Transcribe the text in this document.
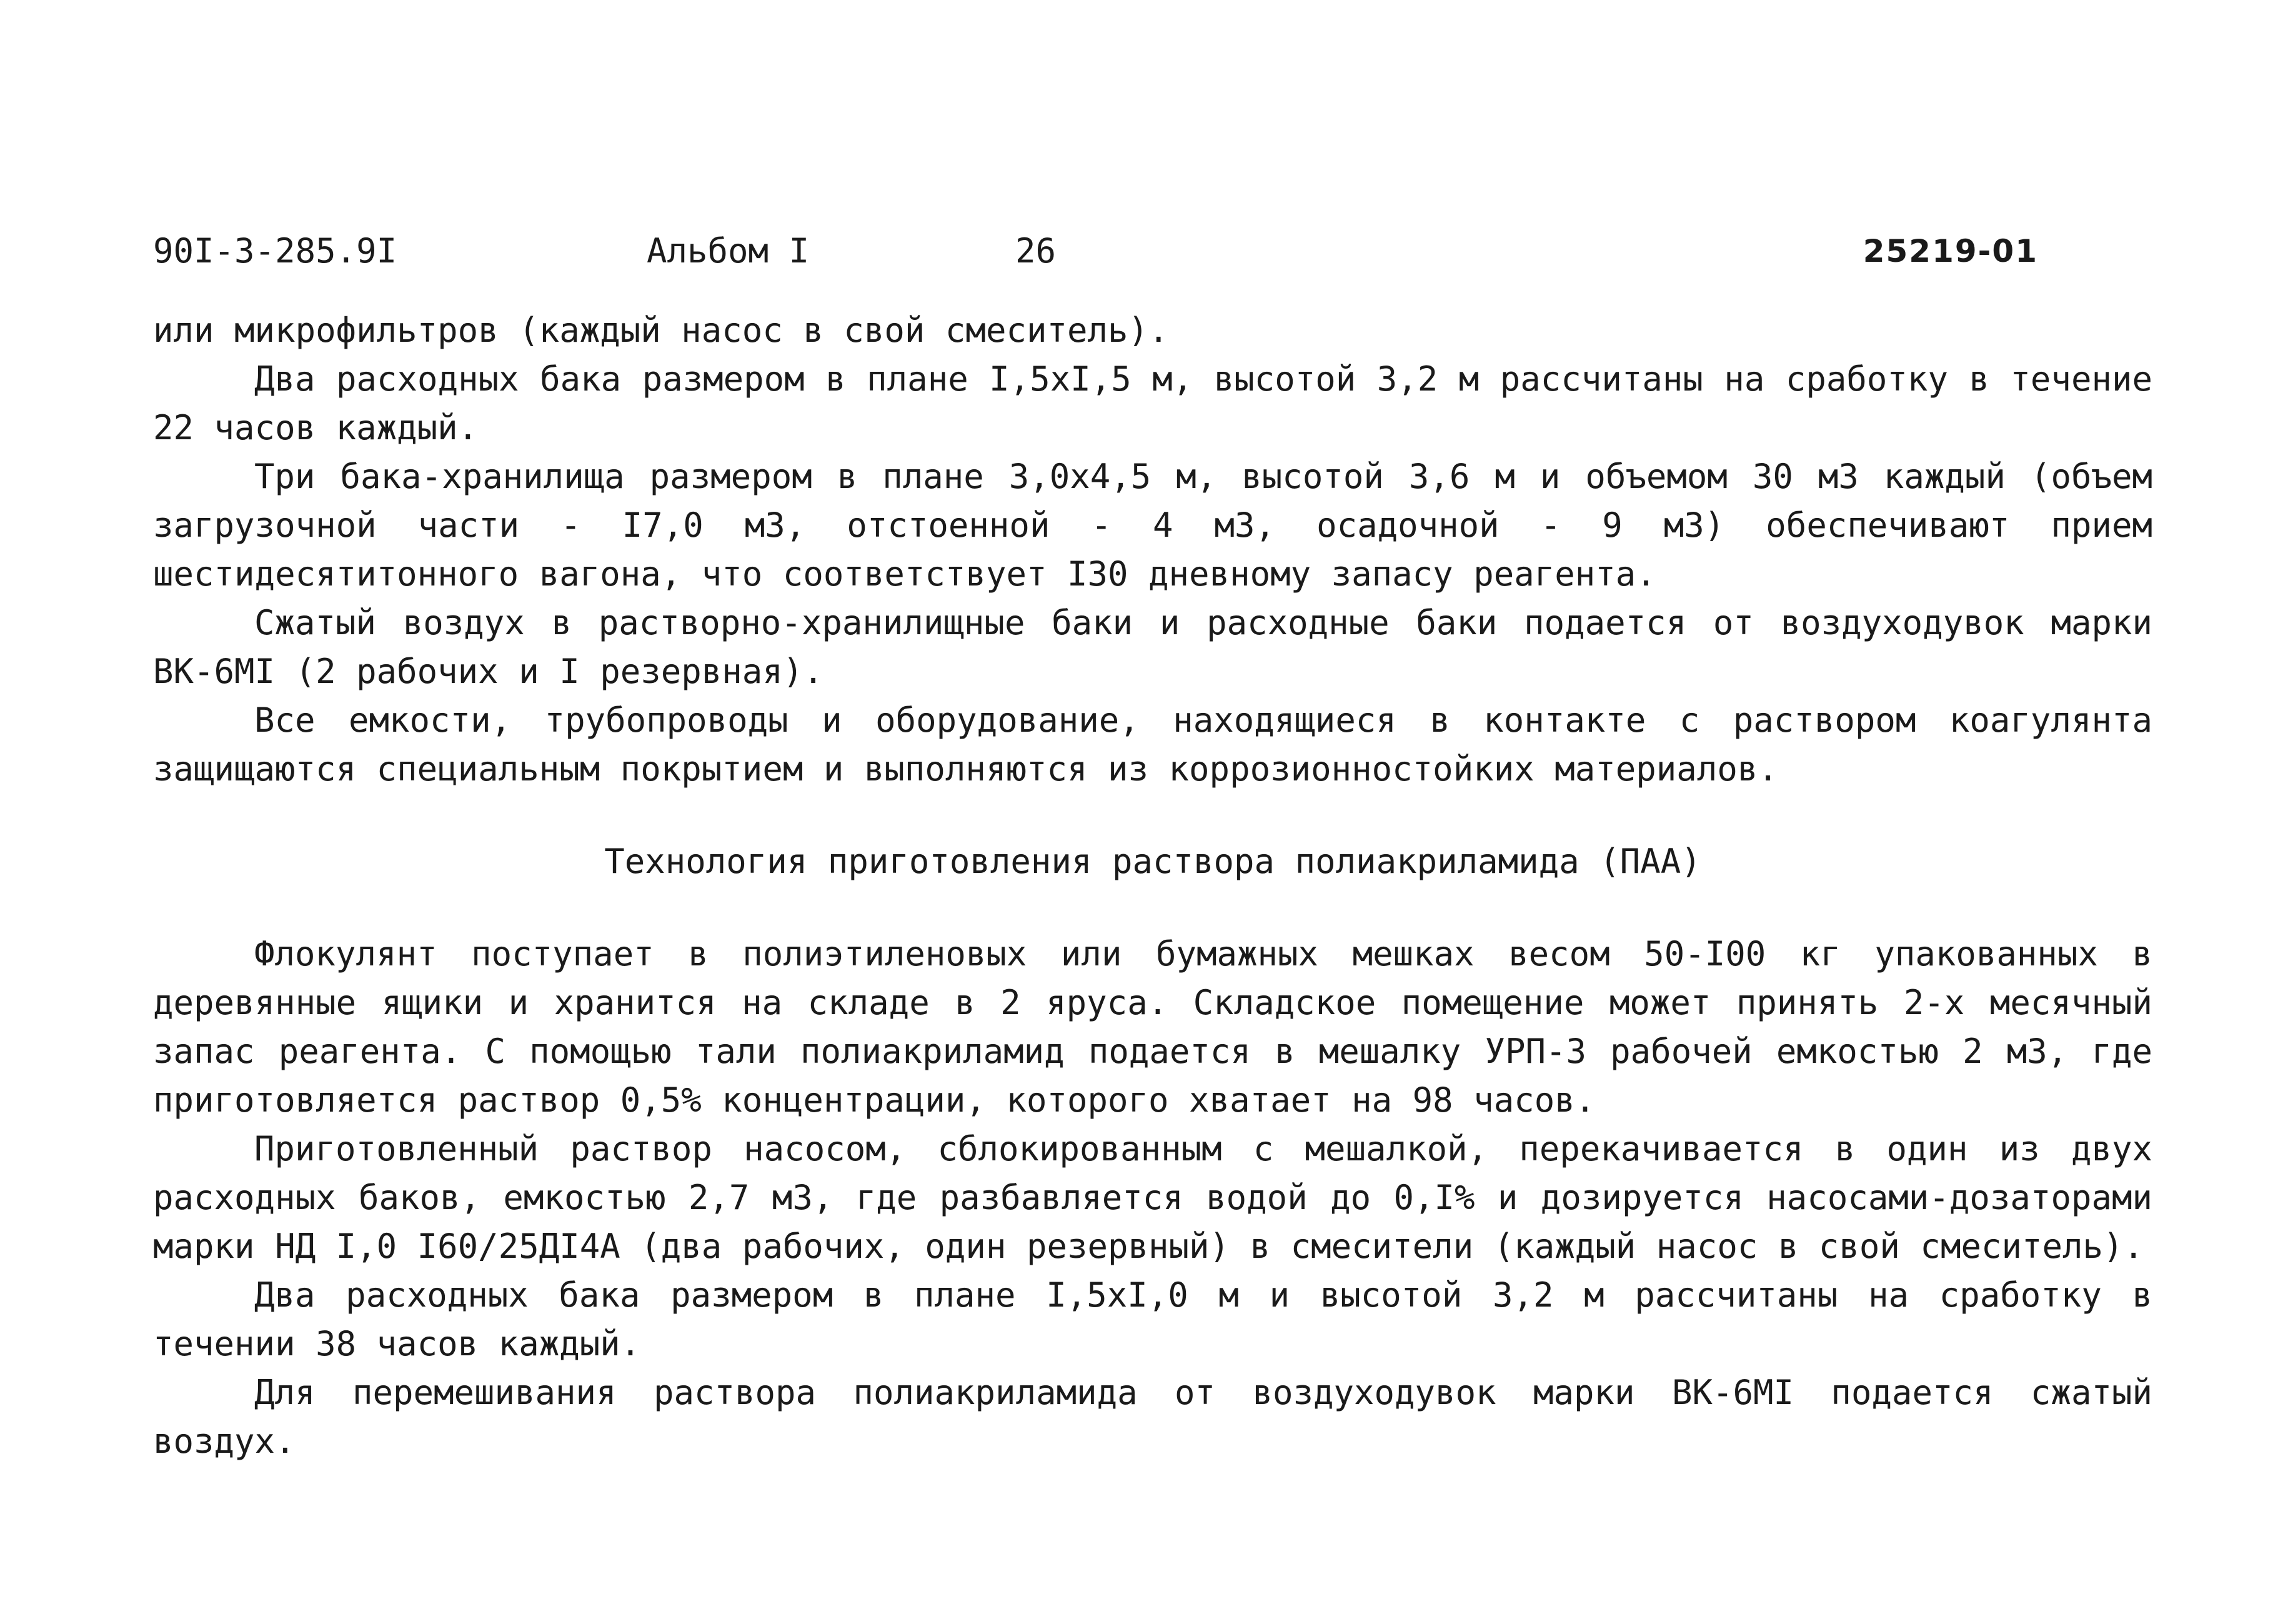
90I-3-285.9I	Альбом I	26	25219-01

или микрофильтров (каждый насос в свой смеситель).

Два расходных бака размером в плане I,5хI,5 м, высотой 3,2 м рассчитаны на сработку в течение 22 часов каждый.

Три бака-хранилища размером в плане 3,0х4,5 м, высотой 3,6 м и объемом 30 м3 каждый (объем загрузочной части - I7,0 м3, отстоенной - 4 м3, осадочной - 9 м3) обеспечивают прием шестидесятитонного вагона, что соответствует I30 дневному запасу реагента.

Сжатый воздух в растворно-хранилищные баки и расходные баки подается от воздуходувок марки ВК-6МI (2 рабочих и I резервная).

Все емкости, трубопроводы и оборудование, находящиеся в контакте с раствором коагулянта защищаются специальным покрытием и выполняются из коррозионностойких материалов.

Технология приготовления раствора полиакриламида (ПАА)

Флокулянт поступает в полиэтиленовых или бумажных мешках весом 50-I00 кг упакованных в деревянные ящики и хранится на складе в 2 яруса. Складское помещение может принять 2-х месячный запас реагента. С помощью тали полиакриламид подается в мешалку УРП-3 рабочей емкостью 2 м3, где приготовляется раствор 0,5% концентрации, которого хватает на 98 часов.

Приготовленный раствор насосом, сблокированным с мешалкой, перекачивается в один из двух расходных баков, емкостью 2,7 м3, где разбавляется водой до 0,I% и дозируется насосами-дозаторами марки НД I,0 I60/25ДI4А (два рабочих, один резервный) в смесители (каждый насос в свой смеситель).

Два расходных бака размером в плане I,5хI,0 м и высотой 3,2 м рассчитаны на сработку в течении 38 часов каждый.

Для перемешивания раствора полиакриламида от воздуходувок марки ВК-6МI подается сжатый воздух.
